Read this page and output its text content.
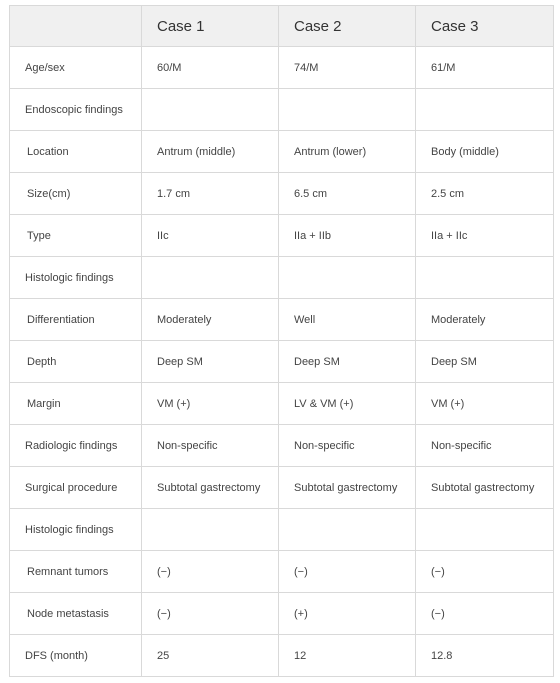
	Case 1	Case 2	Case 3
Age/sex	60/M	74/M	61/M
Endoscopic findings			
Location	Antrum (middle)	Antrum (lower)	Body (middle)
Size(cm)	1.7 cm	6.5 cm	2.5 cm
Type	IIc	IIa + IIb	IIa + IIc
Histologic findings			
Differentiation	Moderately	Well	Moderately
Depth	Deep SM	Deep SM	Deep SM
Margin	VM (+)	LV & VM (+)	VM (+)
Radiologic findings	Non-specific	Non-specific	Non-specific
Surgical procedure	Subtotal gastrectomy	Subtotal gastrectomy	Subtotal gastrectomy
Histologic findings			
Remnant tumors	(−)	(−)	(−)
Node metastasis	(−)	(+)	(−)
DFS (month)	25	12	12.8
